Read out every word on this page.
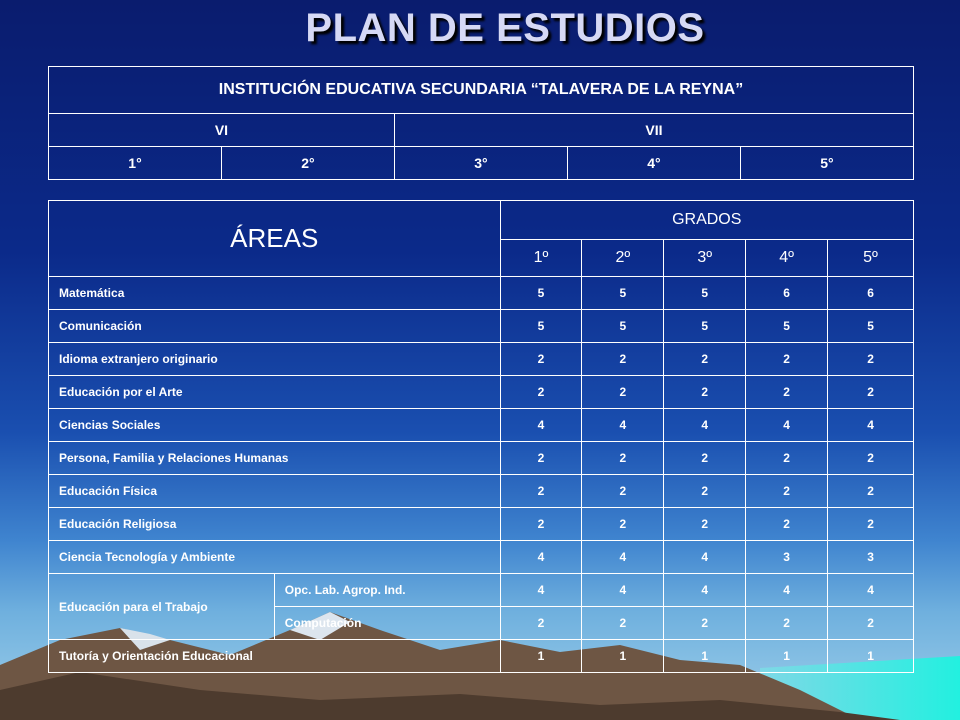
PLAN DE ESTUDIOS
INSTITUCIÓN EDUCATIVA SECUNDARIA “TALAVERA DE LA REYNA”				
VI		VII		
1°	2°	3°	4°	5°
ÁREAS		GRADOS				
		1º	2º	3º	4º	5º
Matemática		5	5	5	6	6
Comunicación		5	5	5	5	5
Idioma extranjero originario		2	2	2	2	2
Educación por el Arte		2	2	2	2	2
Ciencias Sociales		4	4	4	4	4
Persona, Familia y Relaciones Humanas		2	2	2	2	2
Educación Física		2	2	2	2	2
Educación Religiosa		2	2	2	2	2
Ciencia Tecnología y Ambiente		4	4	4	3	3
Educación para el Trabajo	Opc. Lab. Agrop. Ind.	4	4	4	4	4
	Computación	2	2	2	2	2
Tutoría y Orientación Educacional		1	1	1	1	1
